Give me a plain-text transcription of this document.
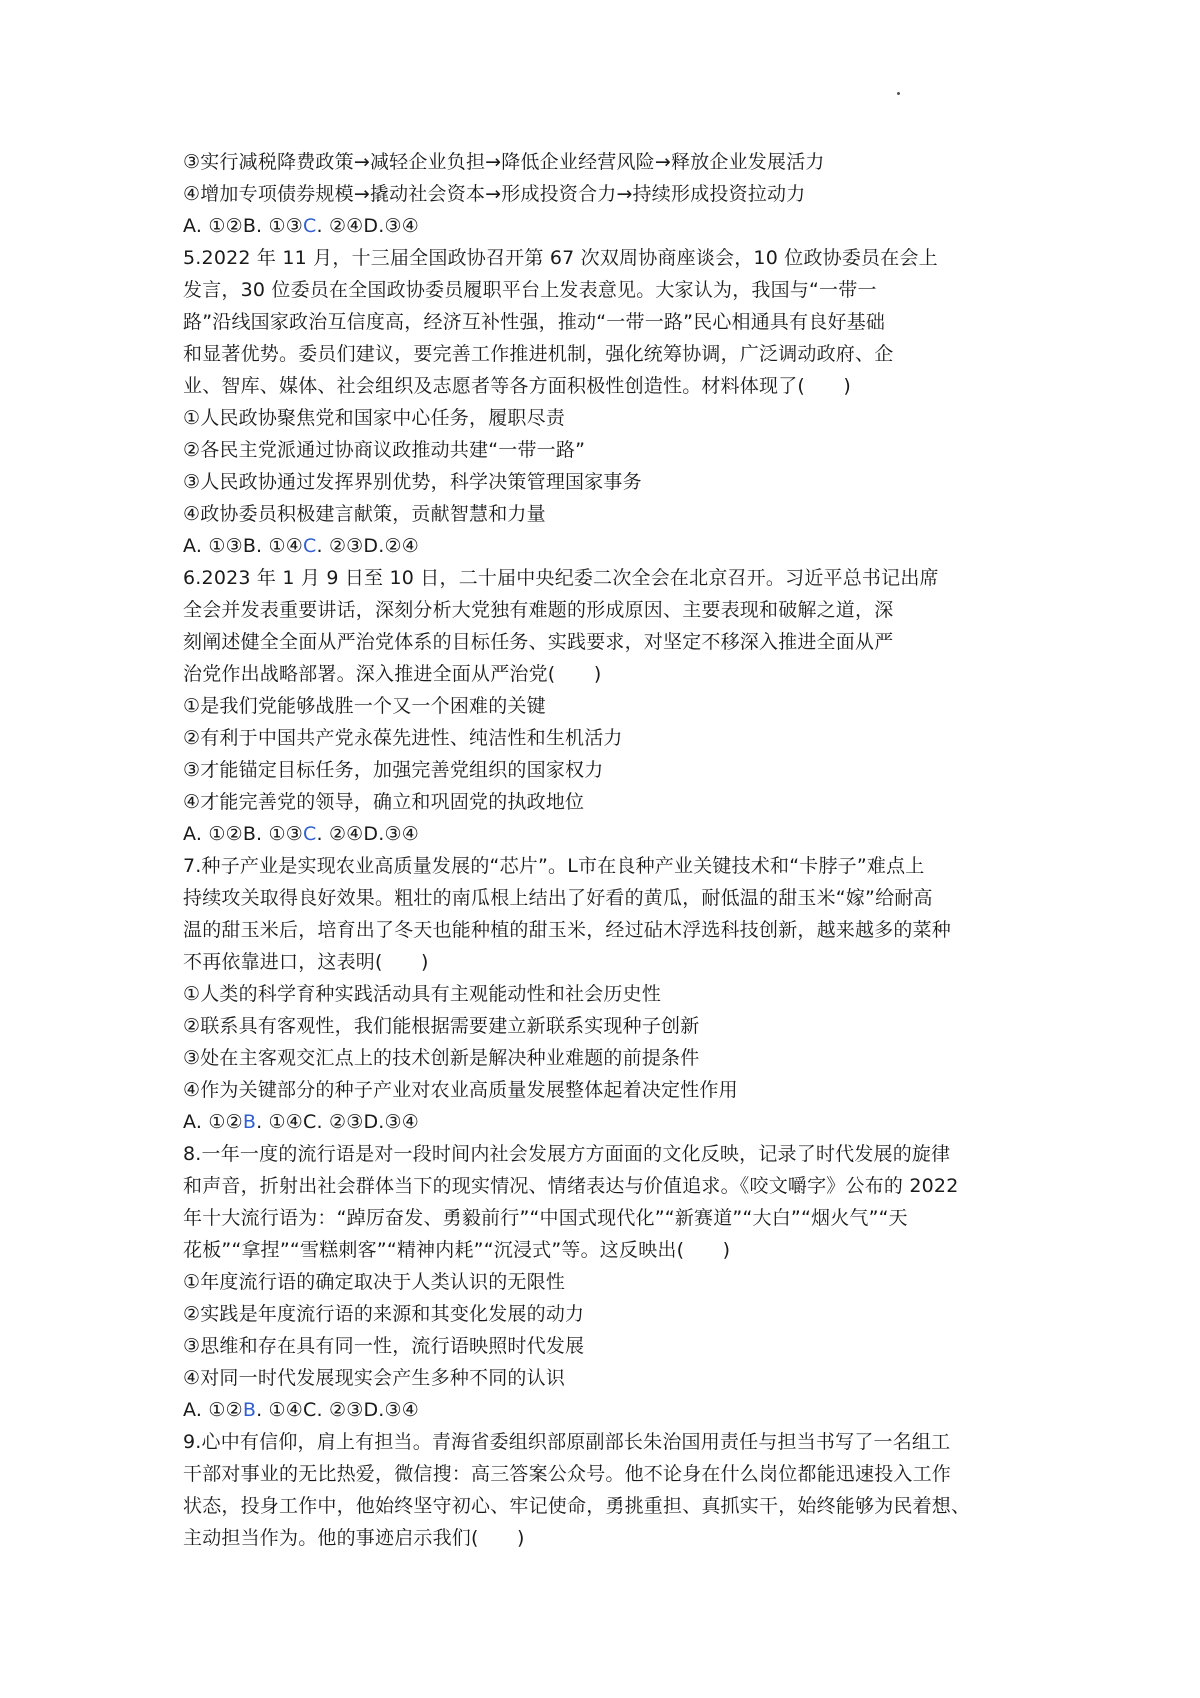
③实行减税降费政策→减轻企业负担→降低企业经营风险→释放企业发展活力
④增加专项债券规模→撬动社会资本→形成投资合力→持续形成投资拉动力
A. ①②B. ①③C. ②④D.③④
5.2022 年 11 月，十三届全国政协召开第 67 次双周协商座谈会，10 位政协委员在会上
发言，30 位委员在全国政协委员履职平台上发表意见。大家认为，我国与“一带一
路”沿线国家政治互信度高，经济互补性强，推动“一带一路”民心相通具有良好基础
和显著优势。委员们建议，要完善工作推进机制，强化统筹协调，广泛调动政府、企
业、智库、媒体、社会组织及志愿者等各方面积极性创造性。材料体现了(　　)
①人民政协聚焦党和国家中心任务，履职尽责
②各民主党派通过协商议政推动共建“一带一路”
③人民政协通过发挥界别优势，科学决策管理国家事务
④政协委员积极建言献策，贡献智慧和力量
A. ①③B. ①④C. ②③D.②④
6.2023 年 1 月 9 日至 10 日，二十届中央纪委二次全会在北京召开。习近平总书记出席
全会并发表重要讲话，深刻分析大党独有难题的形成原因、主要表现和破解之道，深
刻阐述健全全面从严治党体系的目标任务、实践要求，对坚定不移深入推进全面从严
治党作出战略部署。深入推进全面从严治党(　　)
①是我们党能够战胜一个又一个困难的关键
②有利于中国共产党永葆先进性、纯洁性和生机活力
③才能锚定目标任务，加强完善党组织的国家权力
④才能完善党的领导，确立和巩固党的执政地位
A. ①②B. ①③C. ②④D.③④
7.种子产业是实现农业高质量发展的“芯片”。L市在良种产业关键技术和“卡脖子”难点上
持续攻关取得良好效果。粗壮的南瓜根上结出了好看的黄瓜，耐低温的甜玉米“嫁”给耐高
温的甜玉米后，培育出了冬天也能种植的甜玉米，经过砧木浮选科技创新，越来越多的菜种
不再依靠进口，这表明(　　)
①人类的科学育种实践活动具有主观能动性和社会历史性
②联系具有客观性，我们能根据需要建立新联系实现种子创新
③处在主客观交汇点上的技术创新是解决种业难题的前提条件
④作为关键部分的种子产业对农业高质量发展整体起着决定性作用
A. ①②B. ①④C. ②③D.③④
8.一年一度的流行语是对一段时间内社会发展方方面面的文化反映，记录了时代发展的旋律
和声音，折射出社会群体当下的现实情况、情绪表达与价值追求。《咬文嚼字》公布的 2022
年十大流行语为：“踔厉奋发、勇毅前行”“中国式现代化”“新赛道”“大白”“烟火气”“天
花板”“拿捏”“雪糕刺客”“精神内耗”“沉浸式”等。这反映出(　　)
①年度流行语的确定取决于人类认识的无限性
②实践是年度流行语的来源和其变化发展的动力
③思维和存在具有同一性，流行语映照时代发展
④对同一时代发展现实会产生多种不同的认识
A. ①②B. ①④C. ②③D.③④
9.心中有信仰，肩上有担当。青海省委组织部原副部长朱治国用责任与担当书写了一名组工
干部对事业的无比热爱，微信搜：高三答案公众号。他不论身在什么岗位都能迅速投入工作
状态，投身工作中，他始终坚守初心、牢记使命，勇挑重担、真抓实干，始终能够为民着想、
主动担当作为。他的事迹启示我们(　　)
